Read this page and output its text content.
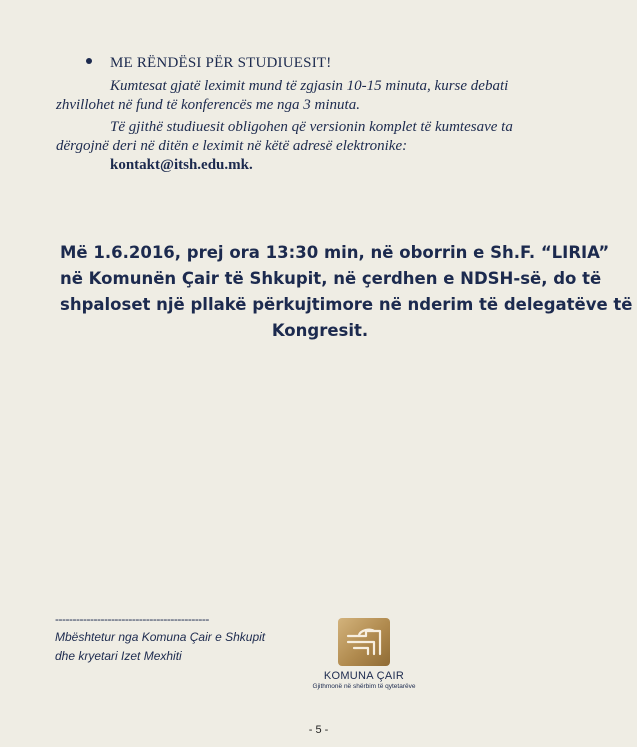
ME RËNDËSI PËR STUDIUESIT!
Kumtesat gjatë leximit mund të zgjasin 10-15 minuta, kurse debati
zhvillohet në fund të konferencës me nga 3 minuta.
Të gjithë studiuesit obligohen që versionin komplet të kumtesave ta
dërgojnë deri në ditën e leximit në këtë adresë elektronike:
kontakt@itsh.edu.mk.
Më 1.6.2016, prej ora 13:30 min, në oborrin e Sh.F. “LIRIA”
në Komunën Çair të Shkupit, në çerdhen e NDSH-së, do të
shpaloset një pllakë përkujtimore në nderim të delegatëve të
Kongresit.
--------------------------------------------
Mbështetur nga Komuna Çair e Shkupit
dhe kryetari Izet Mexhiti
KOMUNA ÇAIR
Gjithmonë në shërbim të qytetarëve
- 5 -
